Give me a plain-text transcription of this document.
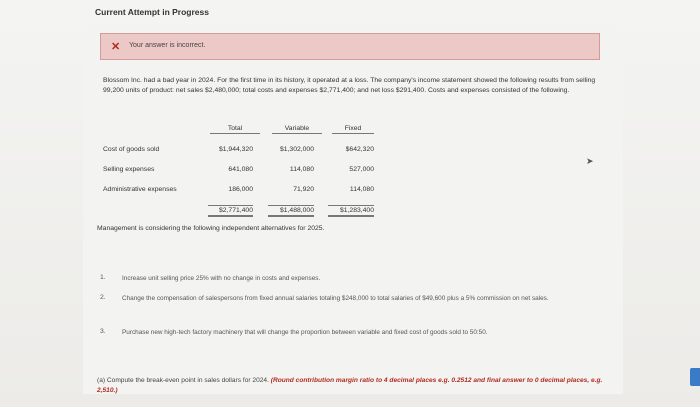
Current Attempt in Progress
✕ Your answer is incorrect.
Blossom Inc. had a bad year in 2024. For the first time in its history, it operated at a loss. The company's income statement showed the following results from selling 99,200 units of product: net sales $2,480,000; total costs and expenses $2,771,400; and net loss $291,400. Costs and expenses consisted of the following.
Total	Variable	Fixed
Cost of goods sold	$1,944,320	$1,302,000	$642,320
Selling expenses	641,080	114,080	527,000
Administrative expenses	186,000	71,920	114,080
$2,771,400	$1,488,000	$1,283,400
Management is considering the following independent alternatives for 2025.
1.	Increase unit selling price 25% with no change in costs and expenses.
2.	Change the compensation of salespersons from fixed annual salaries totaling $248,000 to total salaries of $49,600 plus a 5% commission on net sales.
3.	Purchase new high-tech factory machinery that will change the proportion between variable and fixed cost of goods sold to 50:50.
(a) Compute the break-even point in sales dollars for 2024. (Round contribution margin ratio to 4 decimal places e.g. 0.2512 and final answer to 0 decimal places, e.g. 2,510.)
➤
